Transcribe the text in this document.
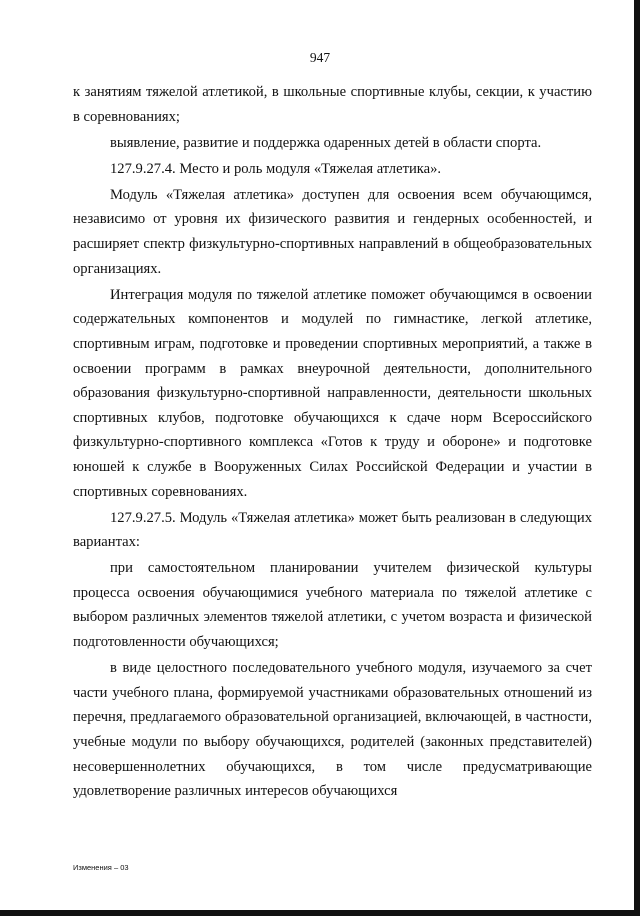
947

к занятиям тяжелой атлетикой, в школьные спортивные клубы, секции, к участию в соревнованиях;

выявление, развитие и поддержка одаренных детей в области спорта.

127.9.27.4. Место и роль модуля «Тяжелая атлетика».

Модуль «Тяжелая атлетика» доступен для освоения всем обучающимся, независимо от уровня их физического развития и гендерных особенностей, и расширяет спектр физкультурно-спортивных направлений в общеобразовательных организациях.

Интеграция модуля по тяжелой атлетике поможет обучающимся в освоении содержательных компонентов и модулей по гимнастике, легкой атлетике, спортивным играм, подготовке и проведении спортивных мероприятий, а также в освоении программ в рамках внеурочной деятельности, дополнительного образования физкультурно-спортивной направленности, деятельности школьных спортивных клубов, подготовке обучающихся к сдаче норм Всероссийского физкультурно-спортивного комплекса «Готов к труду и обороне» и подготовке юношей к службе в Вооруженных Силах Российской Федерации и участии в спортивных соревнованиях.

127.9.27.5. Модуль «Тяжелая атлетика» может быть реализован в следующих вариантах:

при самостоятельном планировании учителем физической культуры процесса освоения обучающимися учебного материала по тяжелой атлетике с выбором различных элементов тяжелой атлетики, с учетом возраста и физической подготовленности обучающихся;

в виде целостного последовательного учебного модуля, изучаемого за счет части учебного плана, формируемой участниками образовательных отношений из перечня, предлагаемого образовательной организацией, включающей, в частности, учебные модули по выбору обучающихся, родителей (законных представителей) несовершеннолетних обучающихся, в том числе предусматривающие удовлетворение различных интересов обучающихся

Изменения – 03
